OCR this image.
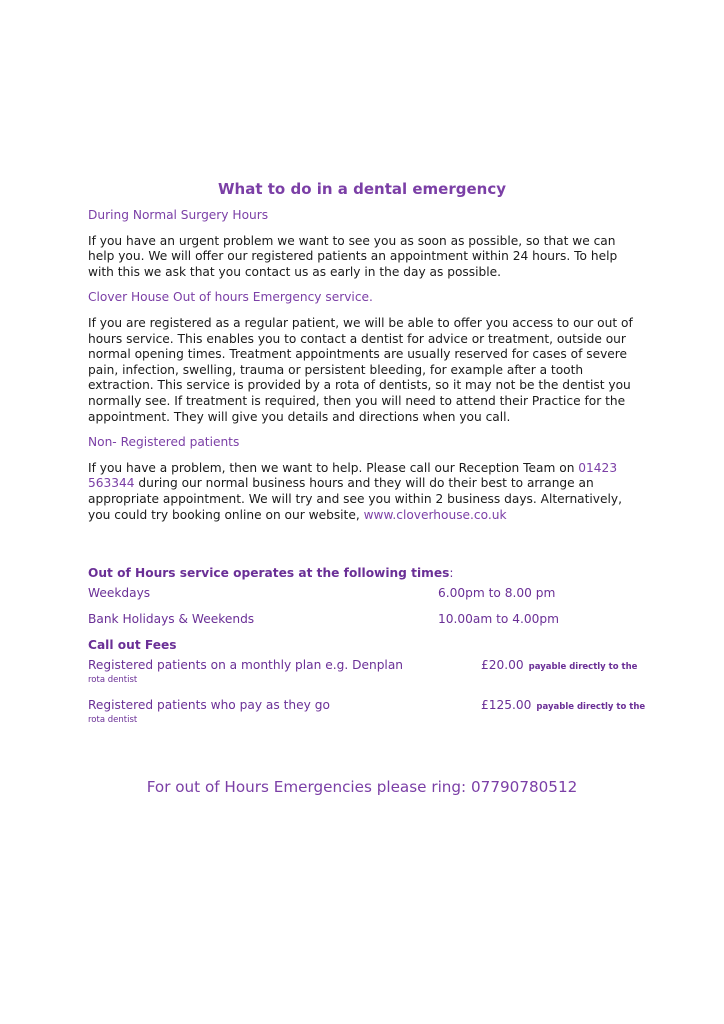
What to do in a dental emergency

During Normal Surgery Hours

If you have an urgent problem we want to see you as soon as possible, so that we can help you. We will offer our registered patients an appointment within 24 hours. To help with this we ask that you contact us as early in the day as possible.

Clover House Out of hours Emergency service.

If you are registered as a regular patient, we will be able to offer you access to our out of hours service. This enables you to contact a dentist for advice or treatment, outside our normal opening times. Treatment appointments are usually reserved for cases of severe pain, infection, swelling, trauma or persistent bleeding, for example after a tooth extraction. This service is provided by a rota of dentists, so it may not be the dentist you normally see. If treatment is required, then you will need to attend their Practice for the appointment. They will give you details and directions when you call.

Non- Registered patients

If you have a problem, then we want to help. Please call our Reception Team on 01423 563344 during our normal business hours and they will do their best to arrange an appropriate appointment. We will try and see you within 2 business days. Alternatively, you could try booking online on our website, www.cloverhouse.co.uk

Out of Hours service operates at the following times:
Weekdays	6.00pm to 8.00 pm
Bank Holidays & Weekends	10.00am to 4.00pm
Call out Fees
Registered patients on a monthly plan e.g. Denplan	£20.00 payable directly to the
rota dentist
Registered patients who pay as they go	£125.00 payable directly to the
rota dentist
For out of Hours Emergencies please ring: 07790780512
